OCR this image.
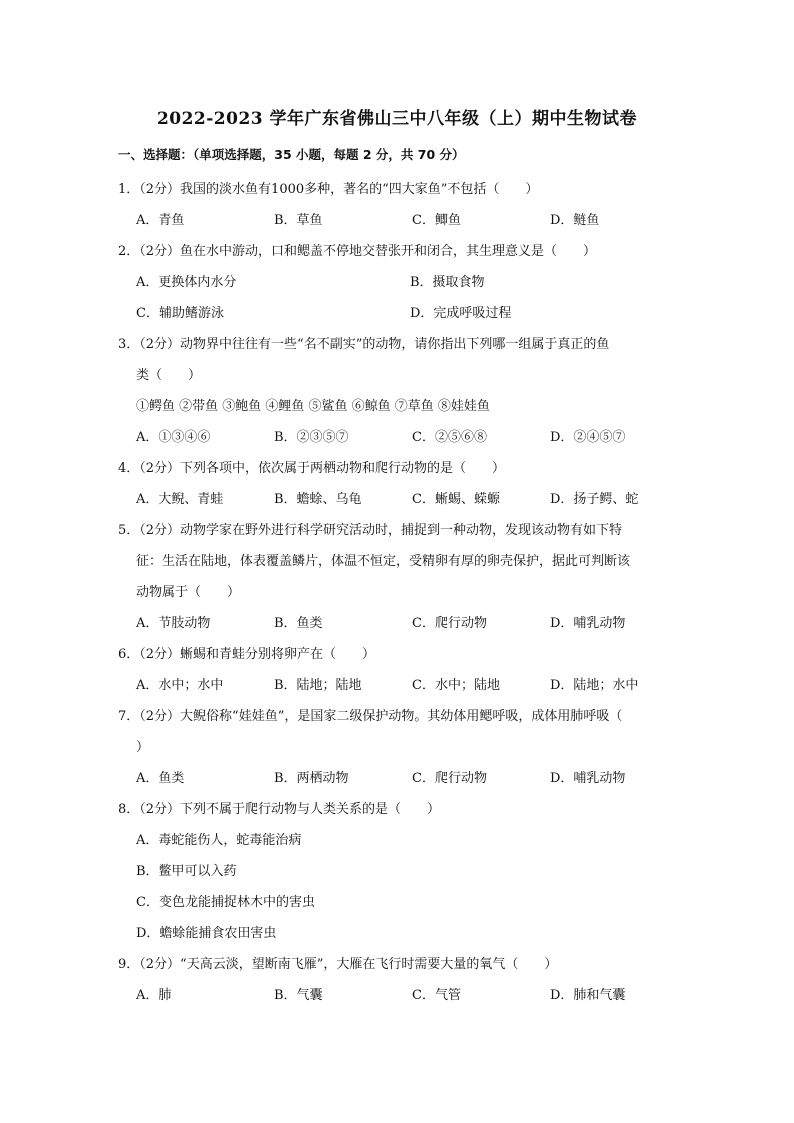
2022-2023 学年广东省佛山三中八年级（上）期中生物试卷
一、选择题：（单项选择题，35 小题，每题 2 分，共 70 分）
1．（2分）我国的淡水鱼有1000多种，著名的“四大家鱼”不包括（　　）
A．青鱼	B．草鱼	C．鲫鱼	D．鲢鱼
2．（2分）鱼在水中游动，口和鳃盖不停地交替张开和闭合，其生理意义是（　　）
A．更换体内水分	B．摄取食物
C．辅助鳍游泳	D．完成呼吸过程
3．（2分）动物界中往往有一些“名不副实”的动物，请你指出下列哪一组属于真正的鱼
类（　　）
①鳄鱼 ②带鱼 ③鲍鱼 ④鲤鱼 ⑤鲨鱼 ⑥鲸鱼 ⑦草鱼 ⑧娃娃鱼
A．①③④⑥	B．②③⑤⑦	C．②⑤⑥⑧	D．②④⑤⑦
4．（2分）下列各项中，依次属于两栖动物和爬行动物的是（　　）
A．大鲵、青蛙	B．蟾蜍、乌龟	C．蜥蜴、蝾螈	D．扬子鳄、蛇
5．（2分）动物学家在野外进行科学研究活动时，捕捉到一种动物，发现该动物有如下特
征：生活在陆地，体表覆盖鳞片，体温不恒定，受精卵有厚的卵壳保护，据此可判断该
动物属于（　　）
A．节肢动物	B．鱼类	C．爬行动物	D．哺乳动物
6．（2分）蜥蜴和青蛙分别将卵产在（　　）
A．水中；水中	B．陆地；陆地	C．水中；陆地	D．陆地；水中
7．（2分）大鲵俗称“娃娃鱼”，是国家二级保护动物。其幼体用鳃呼吸，成体用肺呼吸（
）
A．鱼类	B．两栖动物	C．爬行动物	D．哺乳动物
8．（2分）下列不属于爬行动物与人类关系的是（　　）
A．毒蛇能伤人，蛇毒能治病
B．鳖甲可以入药
C．变色龙能捕捉林木中的害虫
D．蟾蜍能捕食农田害虫
9．（2分）“天高云淡，望断南飞雁”，大雁在飞行时需要大量的氧气（　　）
A．肺	B．气囊	C．气管	D．肺和气囊
